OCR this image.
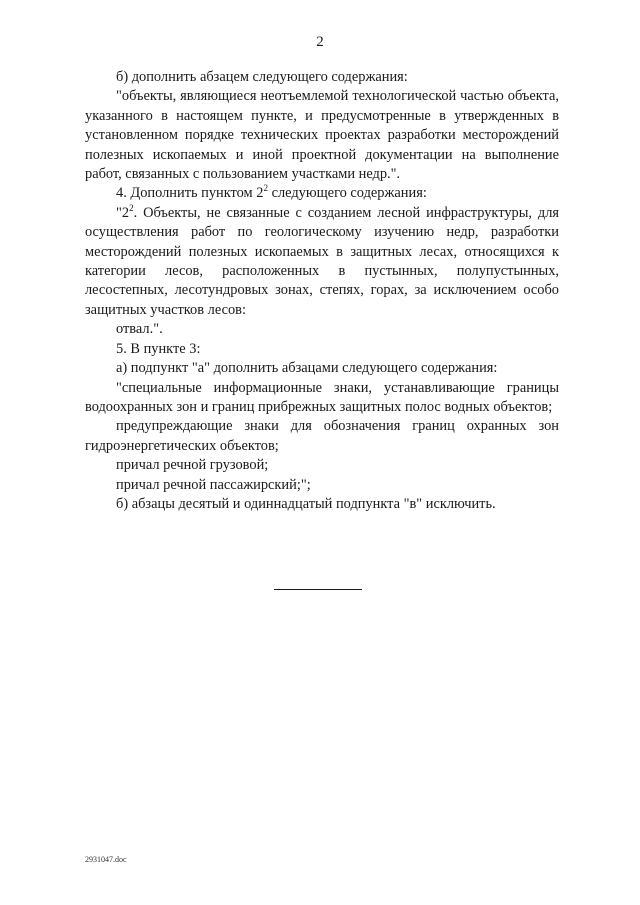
2

б) дополнить абзацем следующего содержания:

"объекты, являющиеся неотъемлемой технологической частью объекта, указанного в настоящем пункте, и предусмотренные в утвержденных в установленном порядке технических проектах разработки месторождений полезных ископаемых и иной проектной документации на выполнение работ, связанных с пользованием участками недр.".

4. Дополнить пунктом $2^2$ следующего содержания:

"$2^2$. Объекты, не связанные с созданием лесной инфраструктуры, для осуществления работ по геологическому изучению недр, разработки месторождений полезных ископаемых в защитных лесах, относящихся к категории лесов, расположенных в пустынных, полупустынных, лесостепных, лесотундровых зонах, степях, горах, за исключением особо защитных участков лесов:

отвал.".

5. В пункте 3:

а) подпункт "а" дополнить абзацами следующего содержания:

"специальные информационные знаки, устанавливающие границы водоохранных зон и границ прибрежных защитных полос водных объектов;

предупреждающие знаки для обозначения границ охранных зон гидроэнергетических объектов;

причал речной грузовой;

причал речной пассажирский;";

б) абзацы десятый и одиннадцатый подпункта "в" исключить.

2931047.doc
